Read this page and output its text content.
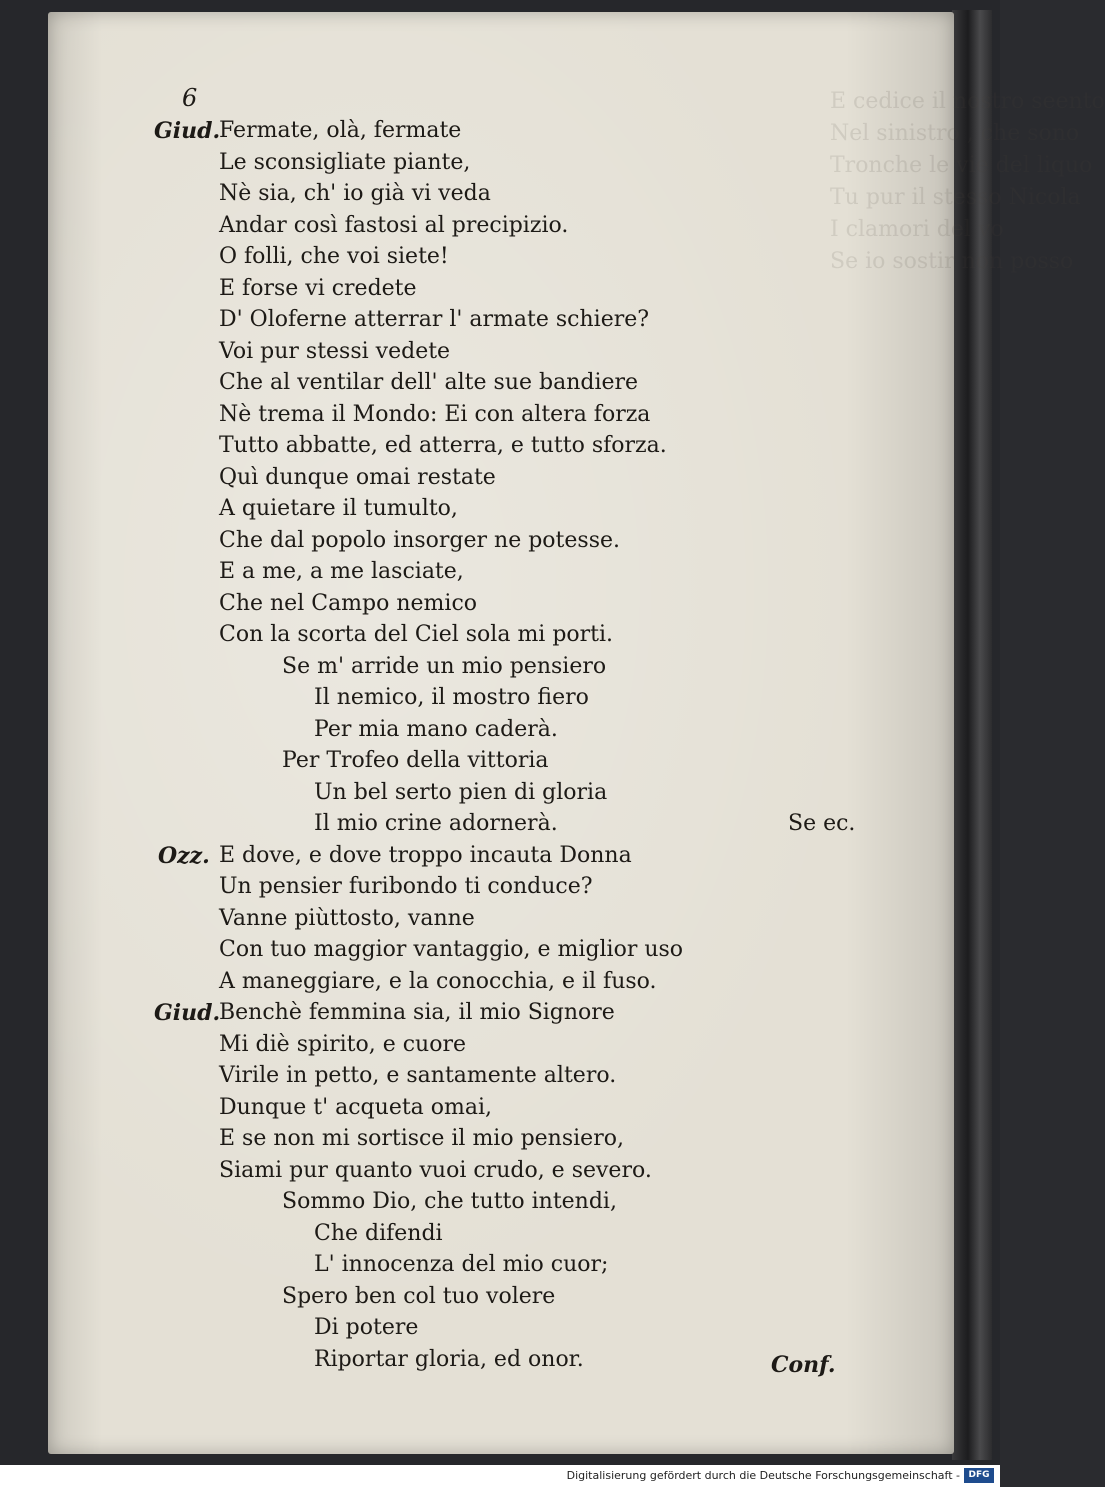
E cedice il nostro seento
Nel sinistro , che sono
Tronche le vie del liquo
Tu pur il stesso Nicola
I clamori del vo
Se io sostir non posso
6
Fermate, olà, fermate
Giud.
Le sconsigliate piante,
Nè sia, ch' io già vi veda
Andar così fastosi al precipizio.
O folli, che voi siete!
E forse vi credete
D' Oloferne atterrar l' armate schiere?
Voi pur stessi vedete
Che al ventilar dell' alte sue bandiere
Nè trema il Mondo: Ei con altera forza
Tutto abbatte, ed atterra, e tutto sforza.
Quì dunque omai restate
A quietare il tumulto,
Che dal popolo insorger ne potesse.
E a me, a me lasciate,
Che nel Campo nemico
Con la scorta del Ciel sola mi porti.
Se m' arride un mio pensiero
Il nemico, il mostro fiero
Per mia mano caderà.
Per Trofeo della vittoria
Un bel serto pien di gloria
Il mio crine adornerà.	Se ec.
E dove, e dove troppo incauta Donna
Ozz.
Un pensier furibondo ti conduce?
Vanne piùttosto, vanne
Con tuo maggior vantaggio, e miglior uso
A maneggiare, e la conocchia, e il fuso.
Benchè femmina sia, il mio Signore
Giud.
Mi diè spirito, e cuore
Virile in petto, e santamente altero.
Dunque t' acqueta omai,
E se non mi sortisce il mio pensiero,
Siami pur quanto vuoi crudo, e severo.
Sommo Dio, che tutto intendi,
Che difendi
L' innocenza del mio cuor;
Spero ben col tuo volere
Di potere
Riportar gloria, ed onor.	Conf.
Digitalisierung gefördert durch die Deutsche Forschungsgemeinschaft - DFG
